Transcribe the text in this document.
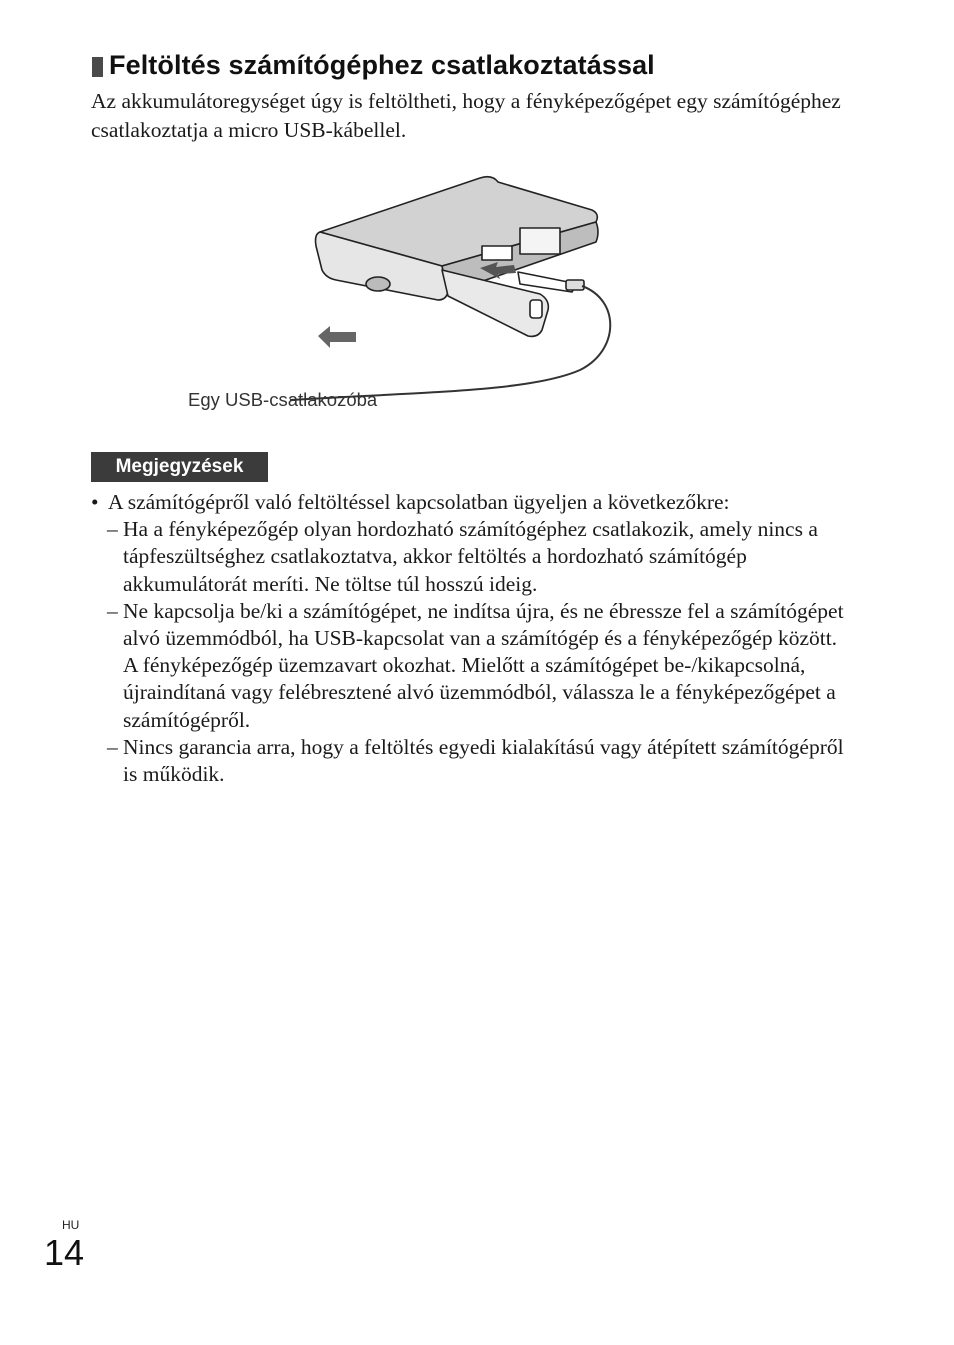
Feltöltés számítógéphez csatlakoztatással

Az akkumulátoregységet úgy is feltöltheti, hogy a fényképezőgépet egy számítógéphez csatlakoztatja a micro USB-kábellel.

Egy USB-csatlakozóba
Megjegyzések
• A számítógépről való feltöltéssel kapcsolatban ügyeljen a következőkre:
– Ha a fényképezőgép olyan hordozható számítógéphez csatlakozik, amely nincs a tápfeszültséghez csatlakoztatva, akkor feltöltés a hordozható számítógép akkumulátorát meríti. Ne töltse túl hosszú ideig.
– Ne kapcsolja be/ki a számítógépet, ne indítsa újra, és ne ébressze fel a számítógépet alvó üzemmódból, ha USB-kapcsolat van a számítógép és a fényképezőgép között. A fényképezőgép üzemzavart okozhat. Mielőtt a számítógépet be-/kikapcsolná, újraindítaná vagy felébresztené alvó üzemmódból, válassza le a fényképezőgépet a számítógépről.
– Nincs garancia arra, hogy a feltöltés egyedi kialakítású vagy átépített számítógépről is működik.
HU
14
